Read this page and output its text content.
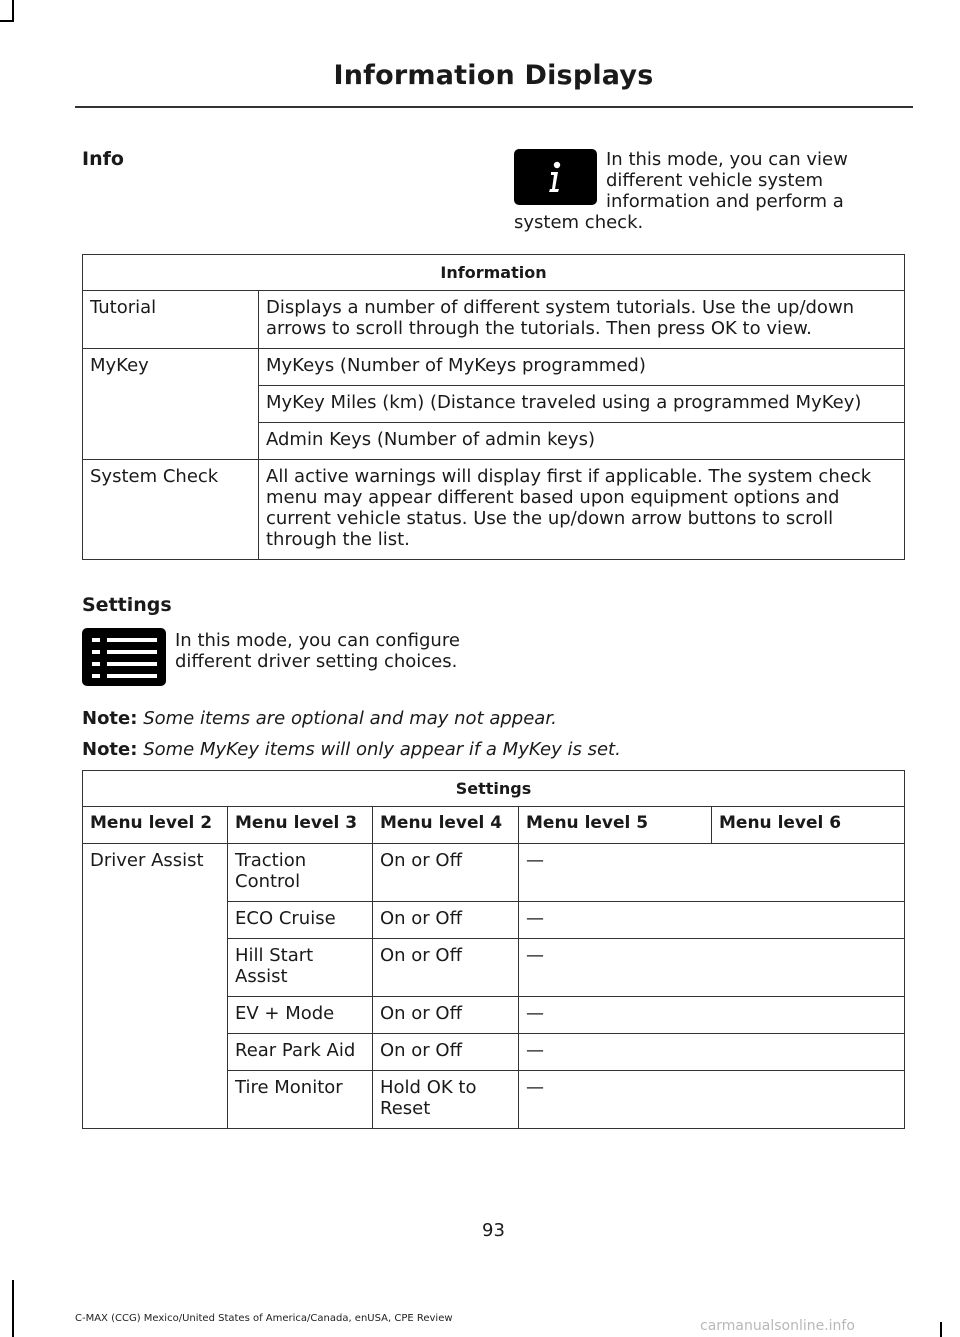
Information Displays
Info	In this mode, you can view different vehicle system information and perform a system check.
Information	
Tutorial	Displays a number of different system tutorials. Use the up/down arrows to scroll through the tutorials. Then press OK to view.
MyKey	MyKeys (Number of MyKeys programmed)
	MyKey Miles (km) (Distance traveled using a programmed MyKey)
	Admin Keys (Number of admin keys)
System Check	All active warnings will display first if applicable. The system check menu may appear different based upon equipment options and current vehicle status. Use the up/down arrow buttons to scroll through the list.
Settings
In this mode, you can configure different driver setting choices.
Note: Some items are optional and may not appear.
Note: Some MyKey items will only appear if a MyKey is set.
Settings				
Menu level 2	Menu level 3	Menu level 4	Menu level 5	Menu level 6
Driver Assist	Traction Control	On or Off	—	
	ECO Cruise	On or Off	—	
	Hill Start Assist	On or Off	—	
	EV + Mode	On or Off	—	
	Rear Park Aid	On or Off	—	
	Tire Monitor	Hold OK to Reset	—	
93
C-MAX (CCG) Mexico/United States of America/Canada, enUSA, CPE Review	carmanualsonline.info
